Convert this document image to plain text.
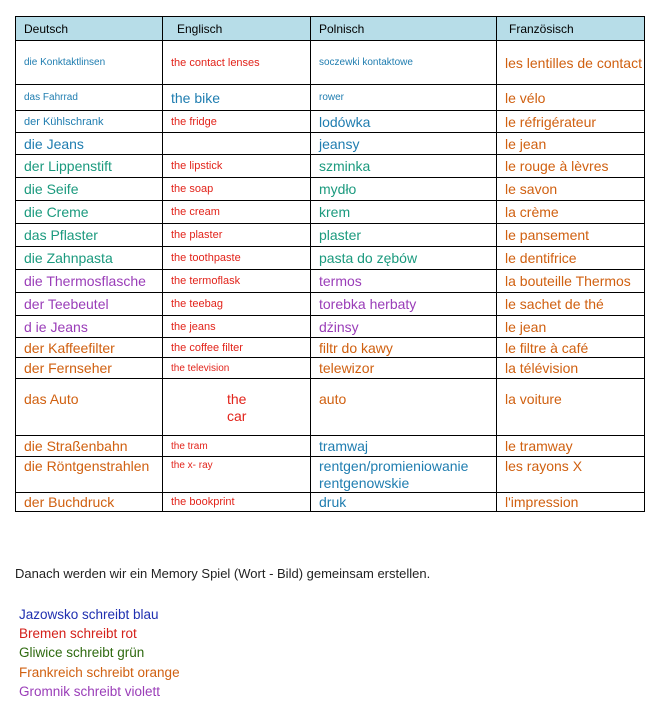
Deutsch	Englisch	Polnisch	Französisch
die Konktaktlinsen	the contact lenses	soczewki kontaktowe	les lentilles de contact
das Fahrrad	the bike	rower	le vélo
der Kühlschrank	the fridge	lodówka	le réfrigérateur
die Jeans		jeansy	le jean
der Lippenstift	the lipstick	szminka	le rouge à lèvres
die Seife	the soap	mydło	le savon
die Creme	the cream	krem	la crème
das Pflaster	the plaster	plaster	le pansement
die Zahnpasta	the toothpaste	pasta do zębów	le dentifrice
die Thermosflasche	the termoflask	termos	la bouteille Thermos
der Teebeutel	the teebag	torebka herbaty	le sachet de thé
d ie Jeans	the jeans	dżinsy	le jean
der Kaffeefilter	the coffee filter	filtr do kawy	le filtre à café
der Fernseher	the television	telewizor	la télévision
das Auto	the car	auto	la voiture
die Straßenbahn	the tram	tramwaj	le tramway
die Röntgenstrahlen	the x- ray	rentgen/promieniowanie rentgenowskie	les rayons X
der Buchdruck	the bookprint	druk	l'impression
Danach werden wir ein Memory Spiel (Wort - Bild) gemeinsam erstellen.
Jazowsko schreibt blau
Bremen schreibt rot
Gliwice schreibt grün
Frankreich schreibt orange
Gromnik schreibt violett
